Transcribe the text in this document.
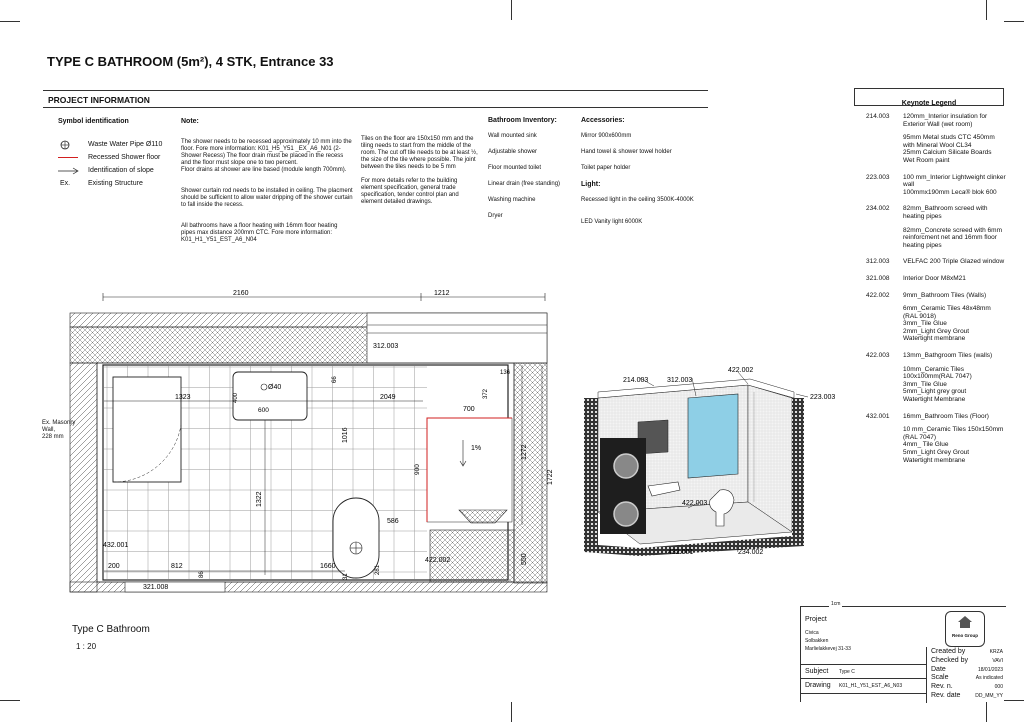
TYPE C BATHROOM (5m²), 4 STK, Entrance 33
PROJECT INFORMATION
Symbol identification
Waste Water Pipe Ø110
Recessed Shower floor
Identification of slope
Ex.	Existing Structure
Note:

The shower needs to be recessed approximately 10 mm into the floor. Fore more information: K01_H5_Y51 _EX_A6_N01 (2- Shower Recess) The floor drain must be placed in the recess and the floor must slope one to two percent.
Floor drains at shower are line based (module length 700mm).

Shower curtain rod needs to be installed in ceiling. The placment should be sufficient to allow water dripping off the shower curtain to fall inside the recess.

All bathrooms have a floor heating with 16mm floor heating pipes max distance 200mm CTC. Fore more information: K01_H1_Y51_EST_A6_N04

Tiles on the floor are 150x150 mm and the tiling needs to start from the middle of the room. The cut off tile needs to be at least ½, the size of the tile where possible. The joint between the tiles needs to be 5 mm

For more details refer to the building element specification, general trade specification, tender control plan and element detailed drawings.

Bathroom Inventory:
Wall mounted sink
Adjustable shower
Floor mounted toilet
Linear drain (free standing)
Washing machine
Dryer
Accessories:
Mirror 900x600mm
Hand towel & shower towel holder
Toilet paper holder
Light:
Recessed light in the ceiling 3500K-4000K
LED Vanity light 6000K
Keynote Legend
214.003 120mm_Interior insulation for Exterior Wall (wet room)
95mm Metal studs CTC 450mm with Mineral Wool CL34
25mm Calcium Silicate Boards
Wet Room paint
223.003 100 mm_Interior Lightweight clinker wall
100mmx190mm Leca® blok 600
234.002 82mm_Bathroom screed with heating pipes
82mm_Concrete screed with 6mm reinforcment net and 16mm floor heating pipes
312.003 VELFAC 200 Triple Glazed window
321.008 Interior Door M8xM21
422.002 9mm_Bathroom Tiles (Walls)
6mm_Ceramic Tiles 48x48mm (RAL 9018)
3mm_Tile Glue
2mm_Light Grey Grout
Watertight membrane
422.003 13mm_Bathgroom Tiles (walls)
10mm_Ceramic Tiles 100x100mm(RAL 7047)
3mm_Tile Glue
5mm_Light grey grout
Watertight Membrane
432.001 16mm_Bathroom Tiles (Floor)
10 mm_Ceramic Tiles 150x150mm (RAL 7047)
4mm_ Tile Glue
5mm_Light Grey Grout
Watertight membrane
2160	1212
312.003
Ø40
600
400
66
1323	2049
700
372
136
1016
1322
1%
900
586
281
31
422.002
1272
1722
550
200	812
86
1660
432.001
321.008
Ex. Masonry
Wall,
228 mm
Type C Bathroom
1 : 20
214.003	312.003
422.002
223.003
422.003
432.001	234.002
1cm
Project
Civica
Solbakken
Marlielakkevej 31-33
Reno Group
Subject Type C
Drawing K01_H1_Y51_EST_A6_N03
Created by	KRZA
Checked by	VAVI
Date	18/01/2023
Scale	As indicated
Rev. n.	000
Rev. date	DD_MM_YY
